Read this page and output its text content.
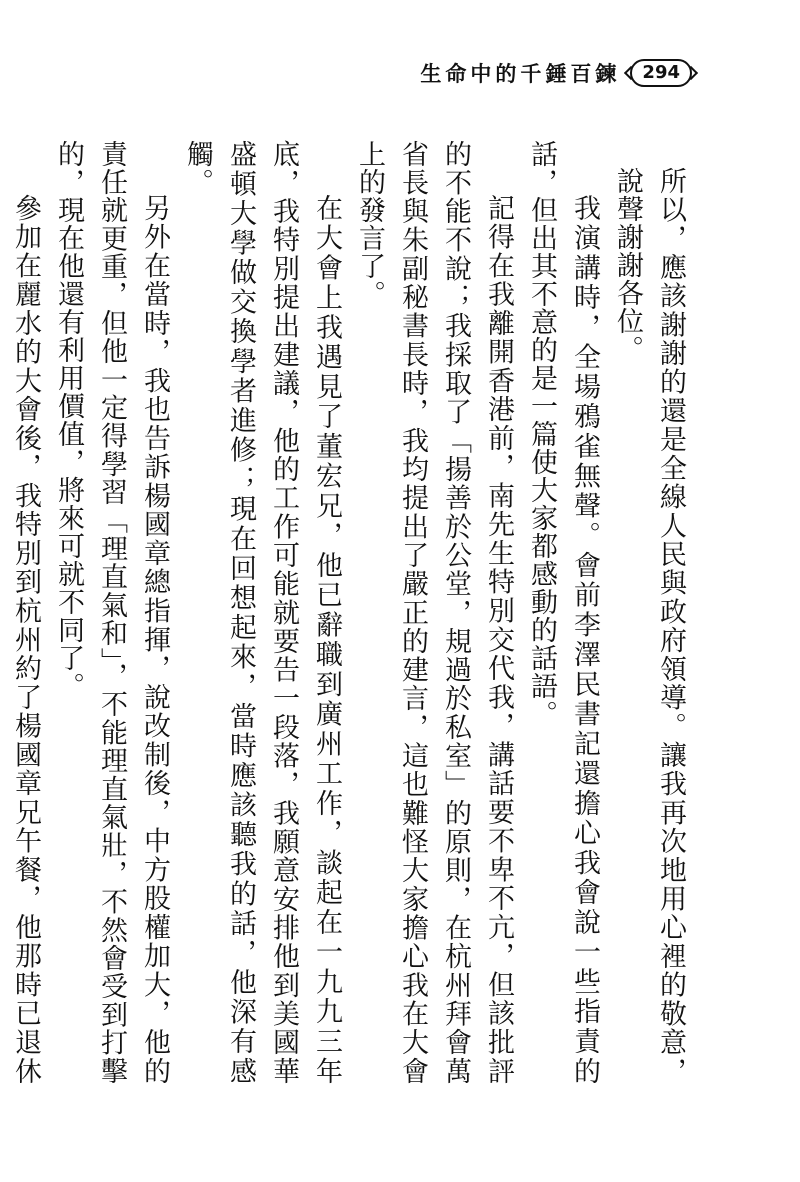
生命中的千錘百鍊	294

所以，應該謝謝的還是全線人民與政府領導。讓我再次地用心裡的敬意，說聲謝謝各位。

我演講時，全場鴉雀無聲。會前李澤民書記還擔心我會說一些指責的話，但出其不意的是一篇使大家都感動的話語。

記得在我離開香港前，南先生特別交代我，講話要不卑不亢，但該批評的不能不說；我採取了「揚善於公堂，規過於私室」的原則，在杭州拜會萬省長與朱副秘書長時，我均提出了嚴正的建言，這也難怪大家擔心我在大會上的發言了。

在大會上我遇見了董宏兄，他已辭職到廣州工作，談起在一九九三年底，我特別提出建議，他的工作可能就要告一段落，我願意安排他到美國華盛頓大學做交換學者進修；現在回想起來，當時應該聽我的話，他深有感觸。

另外在當時，我也告訴楊國章總指揮，說改制後，中方股權加大，他的責任就更重，但他一定得學習「理直氣和」，不能理直氣壯，不然會受到打擊的，現在他還有利用價值，將來可就不同了。

參加在麗水的大會後，我特別到杭州約了楊國章兄午餐，他那時已退休
